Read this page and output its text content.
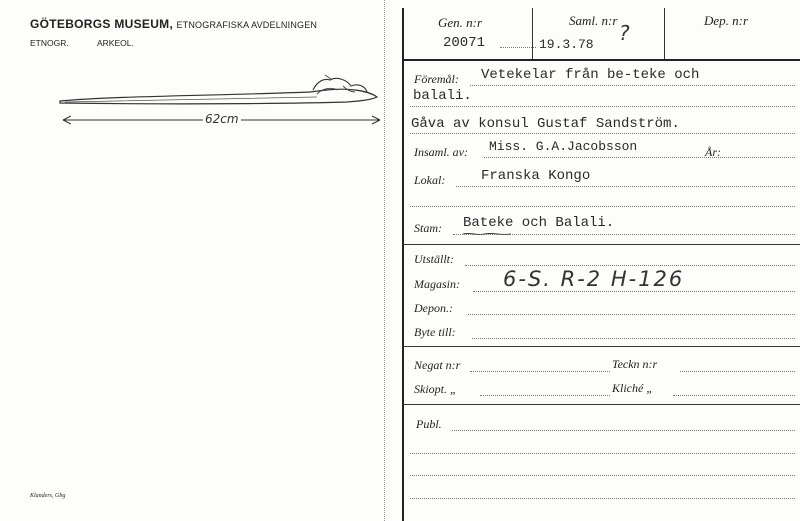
GÖTEBORGS MUSEUM, ETNOGRAFISKA AVDELNINGEN
ETNOGR.	ARKEOL.
62cm
Klanders, Gbg
Gen. n:r
20071
Saml. n:r
19.3.78 ?
Dep. n:r
Föremål: Vetekelar från be-teke och
balali.
Gåva av konsul Gustaf Sandström.
Insaml. av: Miss. G.A.Jacobsson	År:
Lokal:	Franska Kongo
Stam: Bateke och Balali.
Utställt:
Magasin: 6-S. R-2 H-126
Depon.:
Byte till:
Negat n:r	Teckn n:r
Skiopt. „	Kliché „
Publ.
